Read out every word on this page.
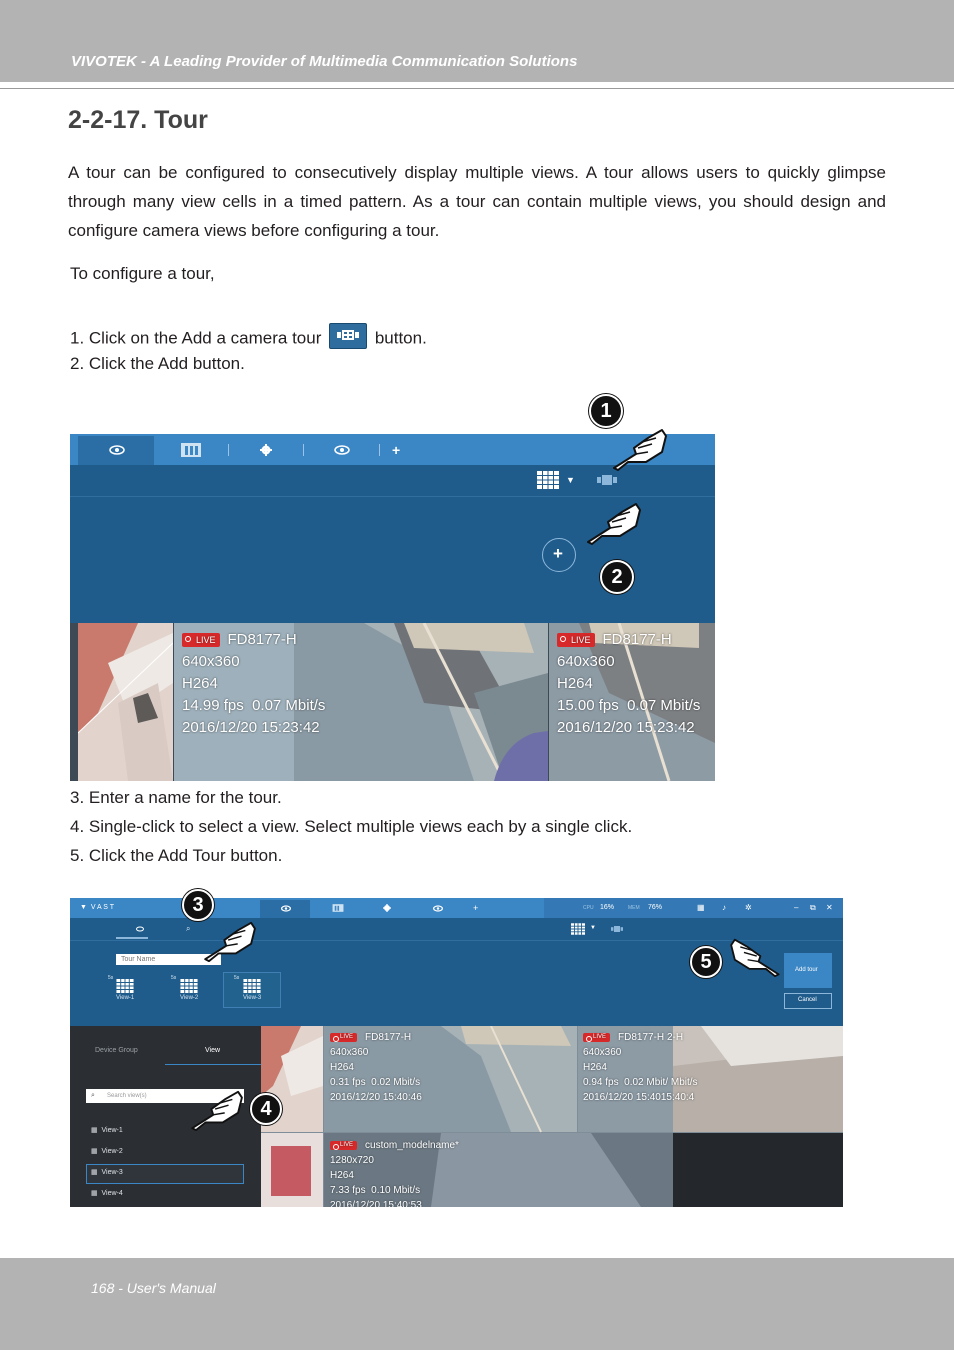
VIVOTEK - A Leading Provider of Multimedia Communication Solutions
2-2-17. Tour
A tour can be configured to consecutively display multiple views. A tour allows users to quickly glimpse through many view cells in a timed pattern. As a tour can contain multiple views, you should design and configure camera views before configuring a tour.
To configure a tour,
1. Click on the Add a camera tour	button.
2. Click the Add button.
+
▼
+
LIVE FD8177-H
640x360
H264
14.99 fps 0.07 Mbit/s
2016/12/20 15:23:42
LIVE FD8177-H
640x360
H264
15.00 fps 0.07 Mbit/s
2016/12/20 15:23:42
1
2
3. Enter a name for the tour.
4. Single-click to select a view. Select multiple views each by a single click.
5. Click the Add Tour button.
▼  V A S T	+	CPU 16%	MEM 76%	▦ ♪ ✲	– ⧉ ✕
⌕	▼
Tour Name
5s	5s	5s
View-1	View-2	View-3
Add tour
Cancel
Device Group	View
⌕ Search view(s)
▦  View-1
▦  View-2
▦  View-3
▦  View-4
LIVE FD8177-H
640x360
H264
0.31 fps 0.02 Mbit/s
2016/12/20 15:40:46
LIVE FD8177-H 2-H
640x360
H264
0.94 fps 0.02 Mbit/ Mbit/s
2016/12/20 15:4015:40:4
LIVE custom_modelname*
1280x720
H264
7.33 fps 0.10 Mbit/s
2016/12/20 15:40:53
3
4
5
168 - User's Manual
